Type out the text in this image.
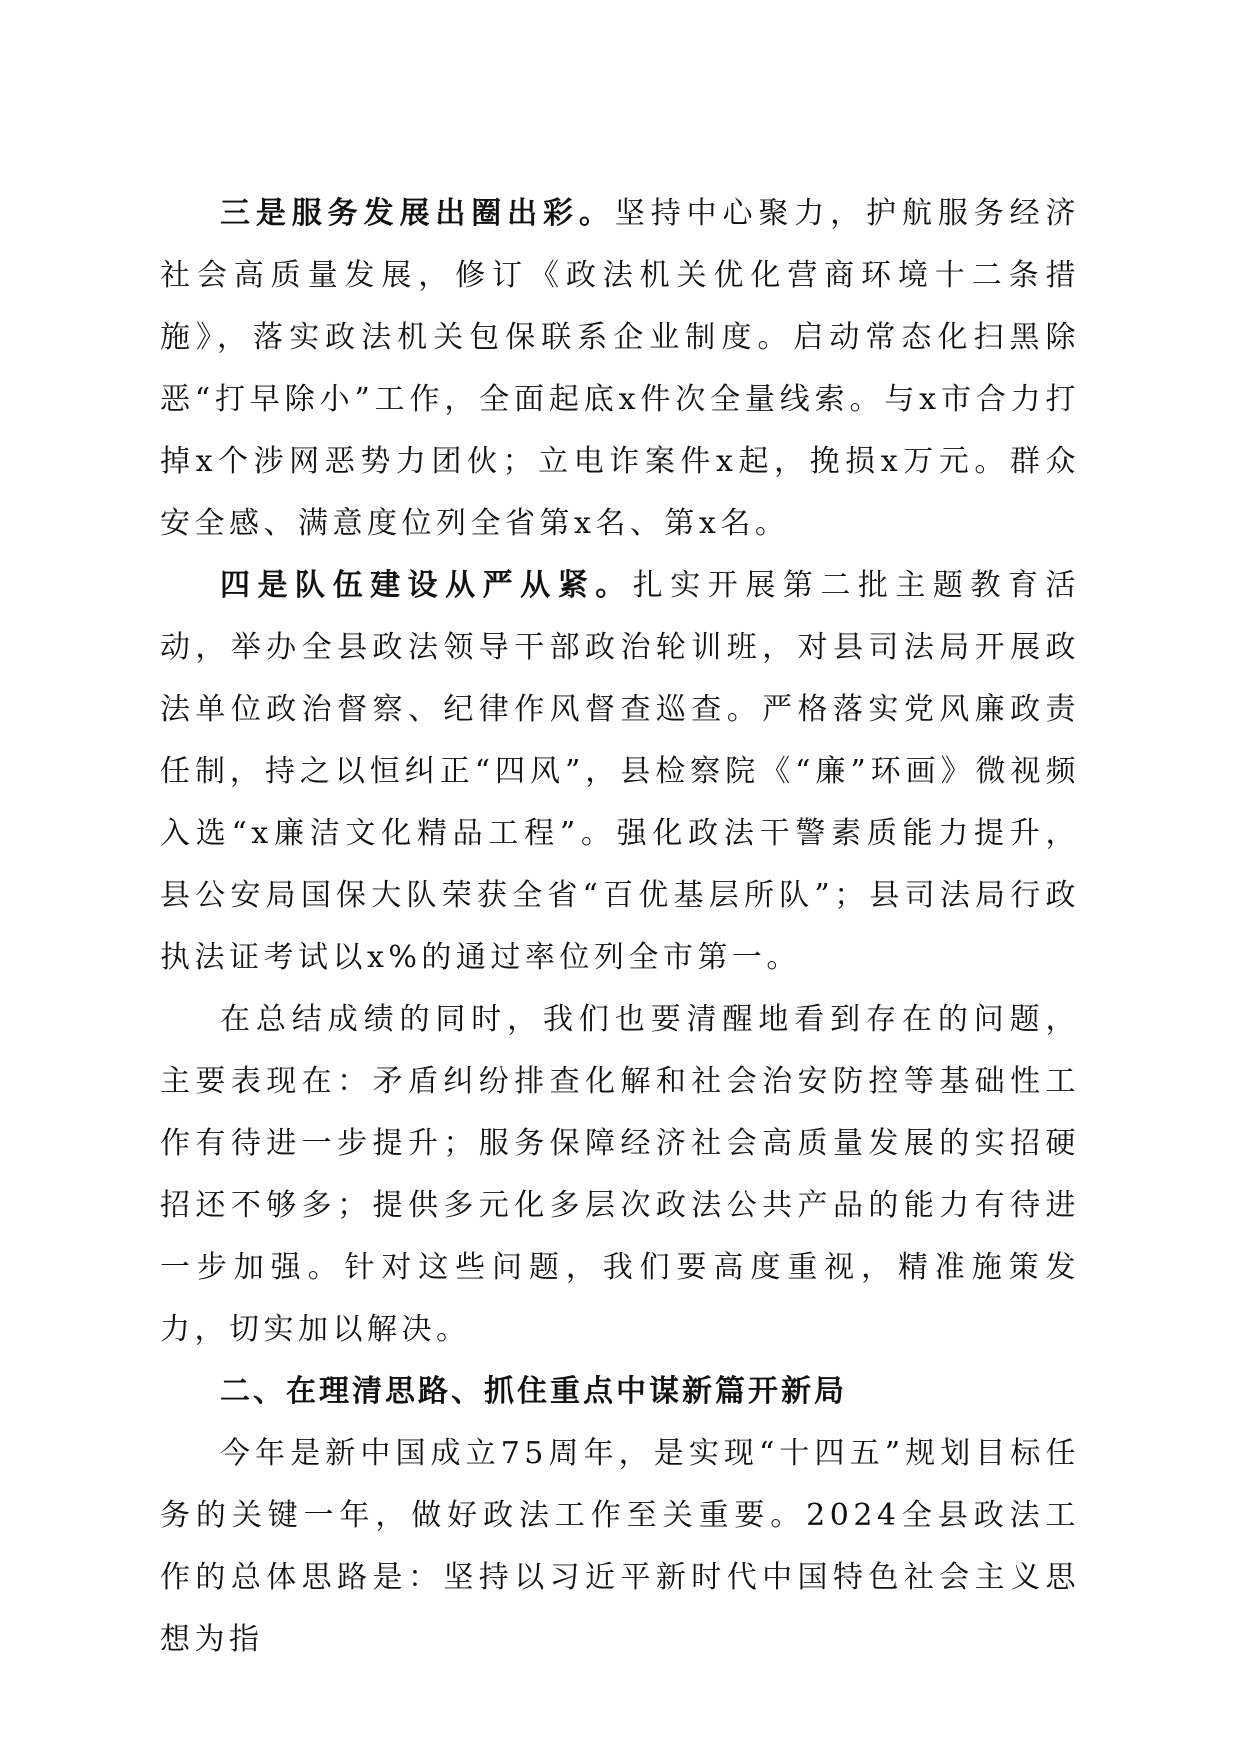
三是服务发展出圈出彩。坚持中心聚力，护航服务经济社会高质量发展，修订《政法机关优化营商环境十二条措施》，落实政法机关包保联系企业制度。启动常态化扫黑除恶“打早除小”工作，全面起底x件次全量线索。与x市合力打掉x个涉网恶势力团伙；立电诈案件x起，挽损x万元。群众安全感、满意度位列全省第x名、第x名。

四是队伍建设从严从紧。扎实开展第二批主题教育活动，举办全县政法领导干部政治轮训班，对县司法局开展政法单位政治督察、纪律作风督查巡查。严格落实党风廉政责任制，持之以恒纠正“四风”，县检察院《“廉”环画》微视频入选“x廉洁文化精品工程”。强化政法干警素质能力提升，县公安局国保大队荣获全省“百优基层所队”；县司法局行政执法证考试以x%的通过率位列全市第一。

在总结成绩的同时，我们也要清醒地看到存在的问题，主要表现在：矛盾纠纷排查化解和社会治安防控等基础性工作有待进一步提升；服务保障经济社会高质量发展的实招硬招还不够多；提供多元化多层次政法公共产品的能力有待进一步加强。针对这些问题，我们要高度重视，精准施策发力，切实加以解决。

二、在理清思路、抓住重点中谋新篇开新局

今年是新中国成立75周年，是实现“十四五”规划目标任务的关键一年，做好政法工作至关重要。2024全县政法工作的总体思路是：坚持以习近平新时代中国特色社会主义思想为指
